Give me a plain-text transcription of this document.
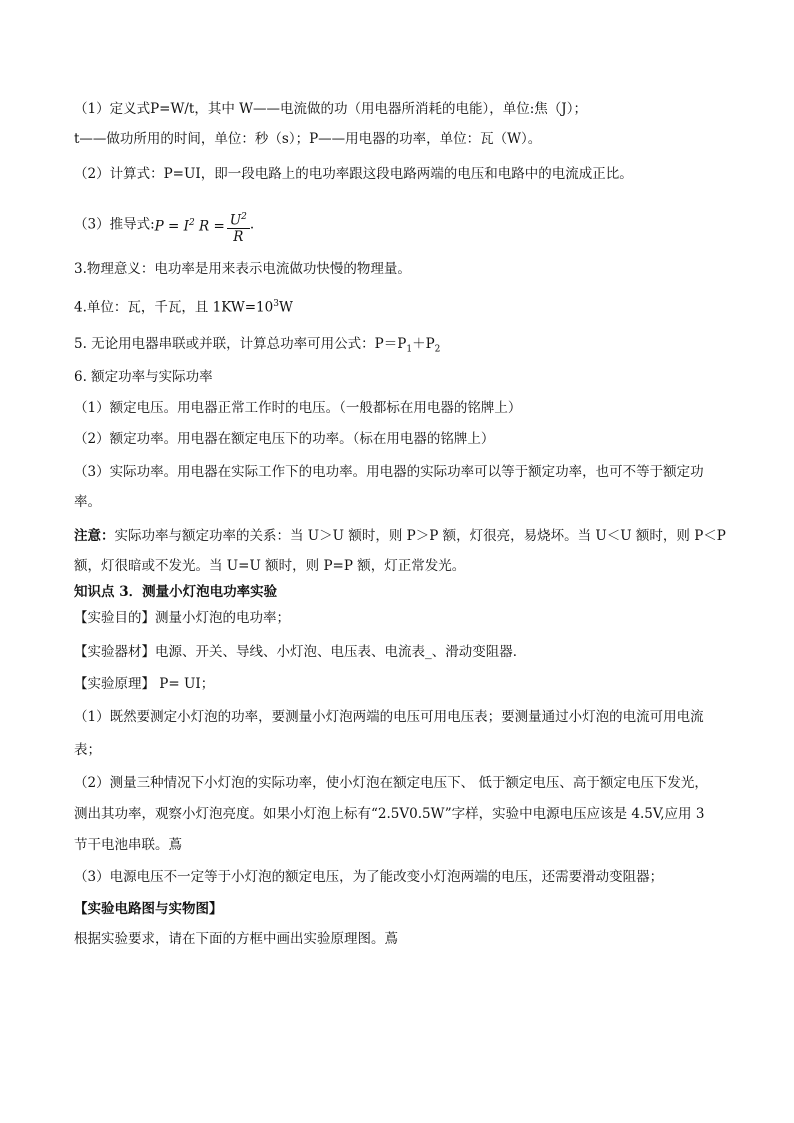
（1）定义式P=W/t，其中 W——电流做的功（用电器所消耗的电能），单位:焦（J）；
t——做功所用的时间，单位：秒（s）；P——用电器的功率，单位：瓦（W）。
（2）计算式：P=UI，即一段电路上的电功率跟这段电路两端的电压和电路中的电流成正比。
（3）推导式:P = $I^2$ $R = \frac{U^2}{R}$ .
3.物理意义：电功率是用来表示电流做功快慢的物理量。
4.单位：瓦，千瓦，且 $1KW=10^3W$
5. 无论用电器串联或并联，计算总功率可用公式：$P=P_1+P_2$
6. 额定功率与实际功率
（1）额定电压。用电器正常工作时的电压。（一般都标在用电器的铭牌上）
（2）额定功率。用电器在额定电压下的功率。（标在用电器的铭牌上）
（3）实际功率。用电器在实际工作下的电功率。用电器的实际功率可以等于额定功率，也可不等于额定功
率。
注意：实际功率与额定功率的关系：当 U＞U 额时，则 P＞P 额，灯很亮，易烧坏。当 U＜U 额时，则 P＜P
额，灯很暗或不发光。当 U=U 额时，则 P=P 额，灯正常发光。
知识点 3．测量小灯泡电功率实验
【实验目的】测量小灯泡的电功率；
【实验器材】电源、开关、导线、小灯泡、电压表、电流表_、滑动变阻器．
【实验原理】 P= UI；
（1）既然要测定小灯泡的功率，要测量小灯泡两端的电压可用电压表；要测量通过小灯泡的电流可用电流
表；
（2）测量三种情况下小灯泡的实际功率，使小灯泡在额定电压下、 低于额定电压、高于额定电压下发光，
测出其功率，观察小灯泡亮度。如果小灯泡上标有“2.5V0.5W”字样，实验中电源电压应该是 4.5V,应用 3
节干电池串联。蔦
（3）电源电压不一定等于小灯泡的额定电压，为了能改变小灯泡两端的电压，还需要滑动变阻器；
【实验电路图与实物图】
根据实验要求，请在下面的方框中画出实验原理图。蔦
